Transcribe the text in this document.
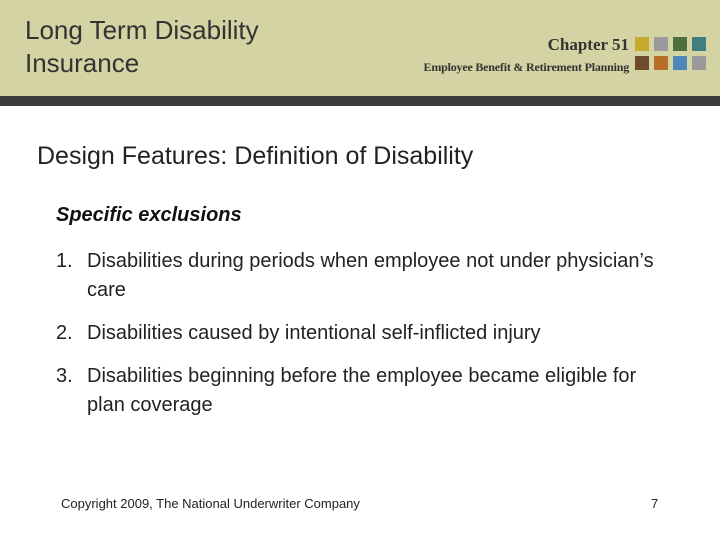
Long Term Disability
Insurance
Chapter 51
Employee Benefit & Retirement Planning
Design Features: Definition of Disability
Specific exclusions
1. Disabilities during periods when employee not under physician’s care
2. Disabilities caused by intentional self-inflicted injury
3. Disabilities beginning before the employee became eligible for plan coverage
Copyright 2009, The National Underwriter Company	7
